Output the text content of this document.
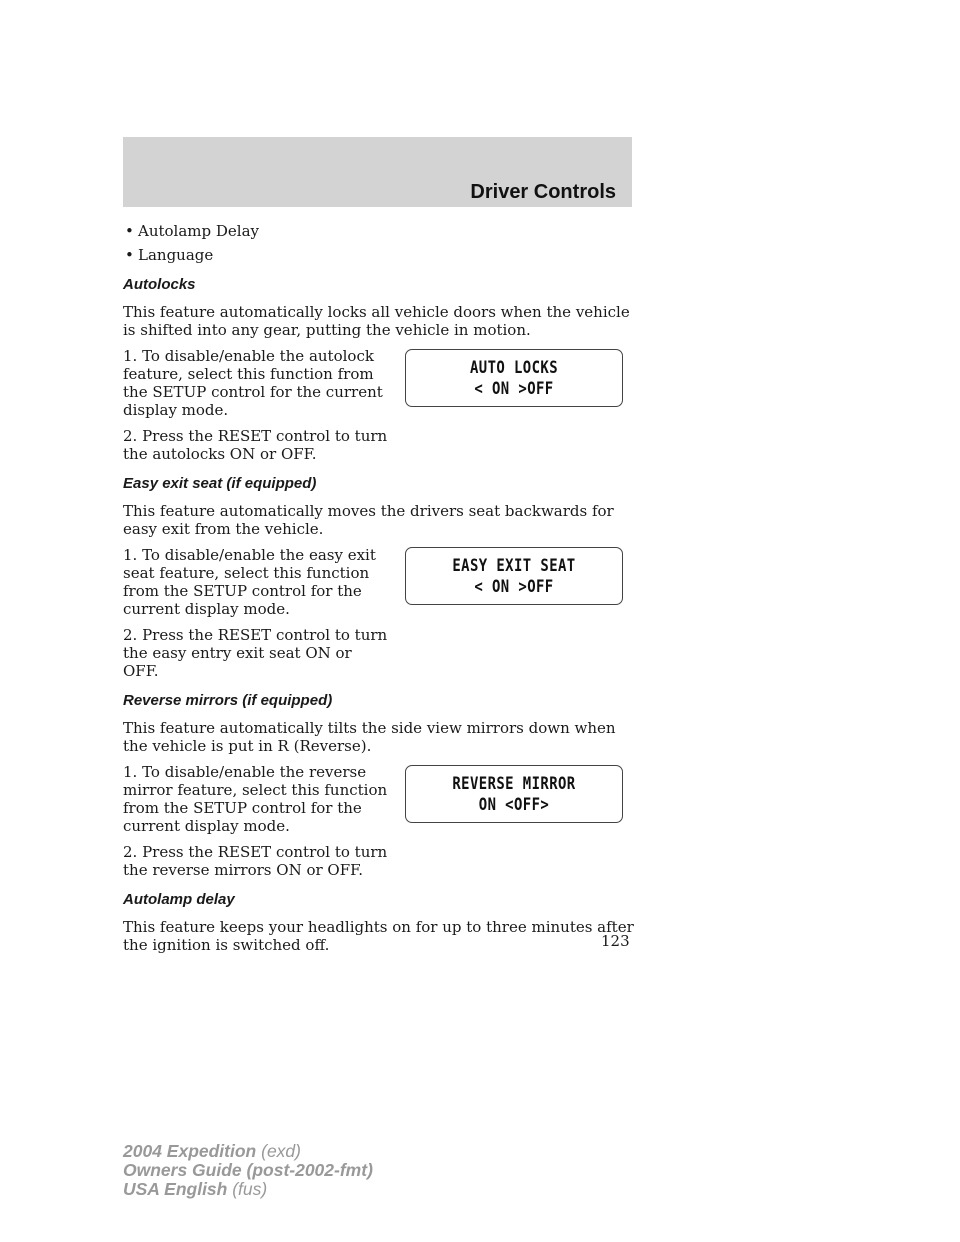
Driver Controls
• Autolamp Delay
• Language
Autolocks

This feature automatically locks all vehicle doors when the vehicle is shifted into any gear, putting the vehicle in motion.

1. To disable/enable the autolock feature, select this function from the SETUP control for the current display mode.

2. Press the RESET control to turn the autolocks ON or OFF.

AUTO LOCKS
< ON >OFF
Easy exit seat (if equipped)

This feature automatically moves the drivers seat backwards for easy exit from the vehicle.

1. To disable/enable the easy exit seat feature, select this function from the SETUP control for the current display mode.

2. Press the RESET control to turn the easy entry exit seat ON or OFF.

EASY EXIT SEAT
< ON >OFF
Reverse mirrors (if equipped)

This feature automatically tilts the side view mirrors down when the vehicle is put in R (Reverse).

1. To disable/enable the reverse mirror feature, select this function from the SETUP control for the current display mode.

2. Press the RESET control to turn the reverse mirrors ON or OFF.

REVERSE MIRROR
ON <OFF>
Autolamp delay

This feature keeps your headlights on for up to three minutes after the ignition is switched off.	123
2004 Expedition (exd)
Owners Guide (post-2002-fmt)
USA English (fus)
